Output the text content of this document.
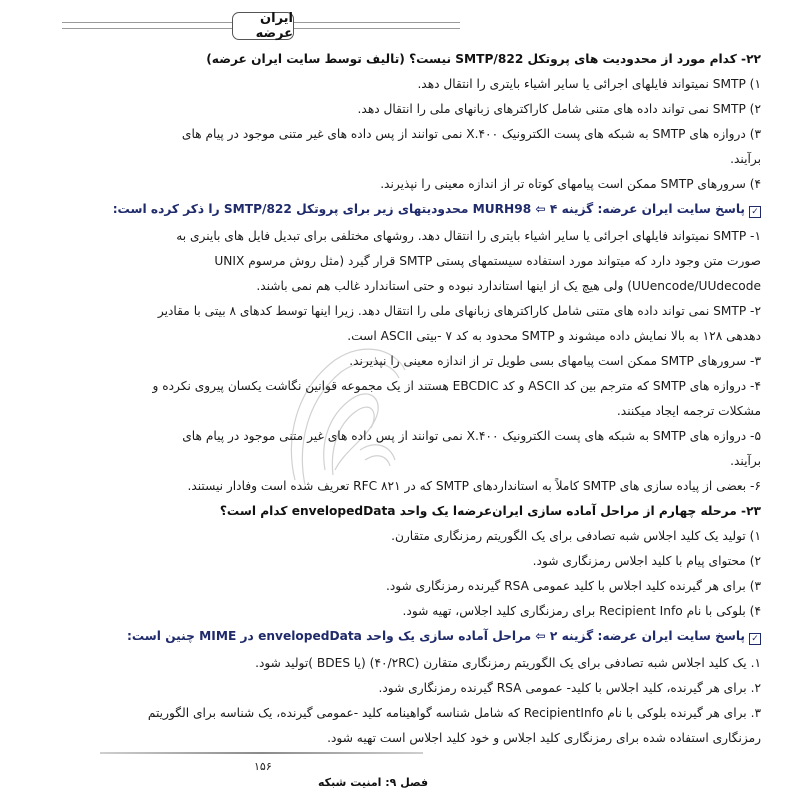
ایران عرضه

۲۲- کدام مورد از محدودیت های پروتکل SMTP/822 نیست؟ (تالیف توسط سایت ایران عرضه)

۱) SMTP نمیتواند فایلهای اجرائی یا سایر اشیاء بایتری را انتقال دهد.

۲) SMTP نمی تواند داده های متنی شامل کاراکترهای زبانهای ملی را انتقال دهد.

۳) دروازه های SMTP به شبکه های پست الکترونیک X.۴۰۰ نمی توانند از پس داده های غیر متنی موجود در پیام های

برآیند.

۴) سرورهای SMTP ممکن است پیامهای کوتاه تر از اندازه معینی را نپذیرند.

✓پاسخ سایت ایران عرضه: گزینه ۴ ⇦ MURH98 محدودیتهای زیر برای پروتکل SMTP/822 را ذکر کرده است:

۱- SMTP نمیتواند فایلهای اجرائی یا سایر اشیاء بایتری را انتقال دهد. روشهای مختلفی برای تبدیل فایل های باینری به

صورت متن وجود دارد که میتواند مورد استفاده سیستمهای پستی SMTP قرار گیرد (مثل روش مرسوم UNIX

UUencode/UUdecode) ولی هیچ یک از اینها استاندارد نبوده و حتی استاندارد غالب هم نمی باشند.

۲- SMTP نمی تواند داده های متنی شامل کاراکترهای زبانهای ملی را انتقال دهد. زیرا اینها توسط کدهای ۸ بیتی با مقادیر

دهدهی ۱۲۸ به بالا نمایش داده میشوند و SMTP محدود به کد ۷ -بیتی ASCII است.

۳- سرورهای SMTP ممکن است پیامهای بسی طویل تر از اندازه معینی را نپذیرند.

۴- دروازه های SMTP که مترجم بین کد ASCII و کد EBCDIC هستند از یک مجموعه قوانین نگاشت یکسان پیروی نکرده و

مشکلات ترجمه ایجاد میکنند.

۵- دروازه های SMTP به شبکه های پست الکترونیک X.۴۰۰ نمی توانند از پس داده های غیر متنی موجود در پیام های

برآیند.

۶- بعضی از پیاده سازی های SMTP کاملاً به استانداردهای SMTP که در RFC ۸۲۱ تعریف شده است وفادار نیستند.

۲۳- مرحله چهارم از مراحل آماده سازی ایران‌عرضه‌ا یک واحد envelopedData کدام است؟

۱) تولید یک کلید اجلاس شبه تصادفی برای یک الگوریتم رمزنگاری متقارن.

۲) محتوای پیام با کلید اجلاس رمزنگاری شود.

۳) برای هر گیرنده کلید اجلاس با کلید عمومی RSA گیرنده رمزنگاری شود.

۴) بلوکی با نام Recipient Info برای رمزنگاری کلید اجلاس، تهیه شود.

✓پاسخ سایت ایران عرضه: گزینه ۲ ⇦ مراحل آماده سازی یک واحد envelopedData در MIME چنین است:

۱. یک کلید اجلاس شبه تصادفی برای یک الگوریتم رمزنگاری متقارن (۴۰/۲RC) (یا BDES )تولید شود.

۲. برای هر گیرنده، کلید اجلاس با کلید- عمومی RSA گیرنده رمزنگاری شود.

۳. برای هر گیرنده بلوکی با نام RecipientInfo که شامل شناسه گواهینامه کلید -عمومی گیرنده، یک شناسه برای الگوریتم

رمزنگاری استفاده شده برای رمزنگاری کلید اجلاس و خود کلید اجلاس است تهیه شود.

۱۵۶
فصل ۹: امنیت شبکه
